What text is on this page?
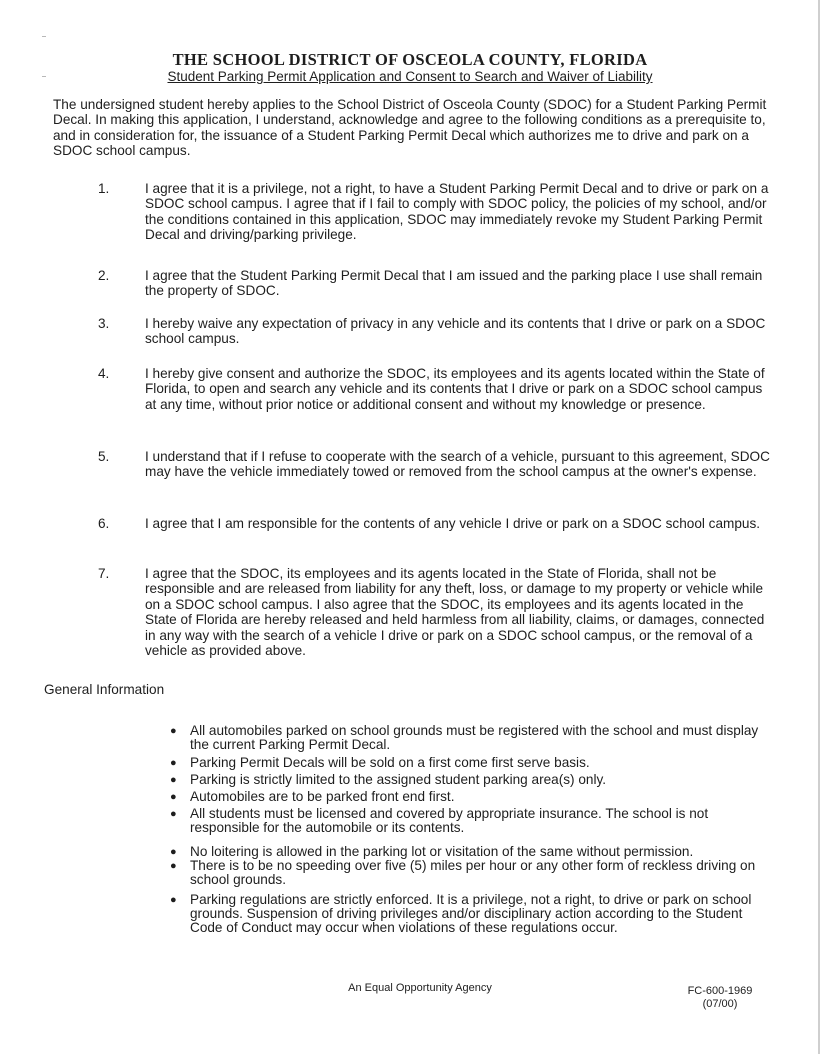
THE SCHOOL DISTRICT OF OSCEOLA COUNTY, FLORIDA
Student Parking Permit Application and Consent to Search and Waiver of Liability
The undersigned student hereby applies to the School District of Osceola County (SDOC) for a Student Parking Permit Decal. In making this application, I understand, acknowledge and agree to the following conditions as a prerequisite to, and in consideration for, the issuance of a Student Parking Permit Decal which authorizes me to drive and park on a SDOC school campus.
1.	I agree that it is a privilege, not a right, to have a Student Parking Permit Decal and to drive or park on a SDOC school campus. I agree that if I fail to comply with SDOC policy, the policies of my school, and/or the conditions contained in this application, SDOC may immediately revoke my Student Parking Permit Decal and driving/parking privilege.
2.	I agree that the Student Parking Permit Decal that I am issued and the parking place I use shall remain the property of SDOC.
3.	I hereby waive any expectation of privacy in any vehicle and its contents that I drive or park on a SDOC school campus.
4.	I hereby give consent and authorize the SDOC, its employees and its agents located within the State of Florida, to open and search any vehicle and its contents that I drive or park on a SDOC school campus at any time, without prior notice or additional consent and without my knowledge or presence.
5.	I understand that if I refuse to cooperate with the search of a vehicle, pursuant to this agreement, SDOC may have the vehicle immediately towed or removed from the school campus at the owner's expense.
6.	I agree that I am responsible for the contents of any vehicle I drive or park on a SDOC school campus.
7.	I agree that the SDOC, its employees and its agents located in the State of Florida, shall not be responsible and are released from liability for any theft, loss, or damage to my property or vehicle while on a SDOC school campus. I also agree that the SDOC, its employees and its agents located in the State of Florida are hereby released and held harmless from all liability, claims, or damages, connected in any way with the search of a vehicle I drive or park on a SDOC school campus, or the removal of a vehicle as provided above.
General Information
● All automobiles parked on school grounds must be registered with the school and must display the current Parking Permit Decal.
● Parking Permit Decals will be sold on a first come first serve basis.
● Parking is strictly limited to the assigned student parking area(s) only.
● Automobiles are to be parked front end first.
● All students must be licensed and covered by appropriate insurance. The school is not responsible for the automobile or its contents.
● No loitering is allowed in the parking lot or visitation of the same without permission.
● There is to be no speeding over five (5) miles per hour or any other form of reckless driving on school grounds.
● Parking regulations are strictly enforced. It is a privilege, not a right, to drive or park on school grounds. Suspension of driving privileges and/or disciplinary action according to the Student Code of Conduct may occur when violations of these regulations occur.
An Equal Opportunity Agency	FC-600-1969
(07/00)
